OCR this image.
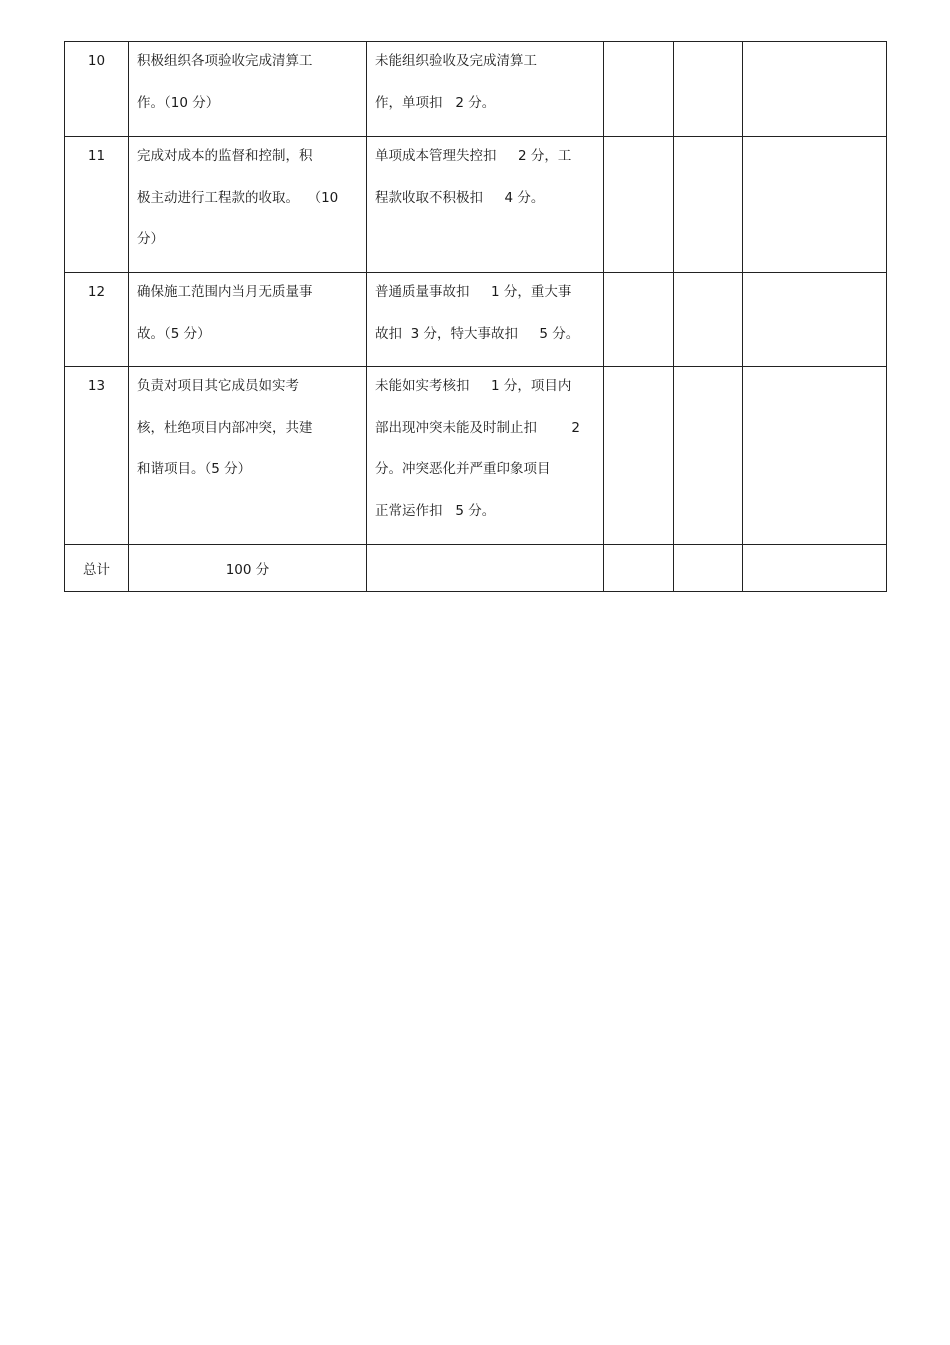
10	积极组织各项验收完成清算工
作。（10 分）	未能组织验收及完成清算工
作，单项扣   2 分。			

11	完成对成本的监督和控制，积
极主动进行工程款的收取。  （10
分）	单项成本管理失控扣     2 分，工
程款收取不积极扣     4 分。			

12	确保施工范围内当月无质量事
故。（5 分）	普通质量事故扣     1 分，重大事
故扣  3 分，特大事故扣     5 分。			

13	负责对项目其它成员如实考
核，杜绝项目内部冲突，共建
和谐项目。（5 分）	未能如实考核扣     1 分，项目内
部出现冲突未能及时制止扣        2
分。冲突恶化并严重印象项目
正常运作扣   5 分。			

总计	100 分				
